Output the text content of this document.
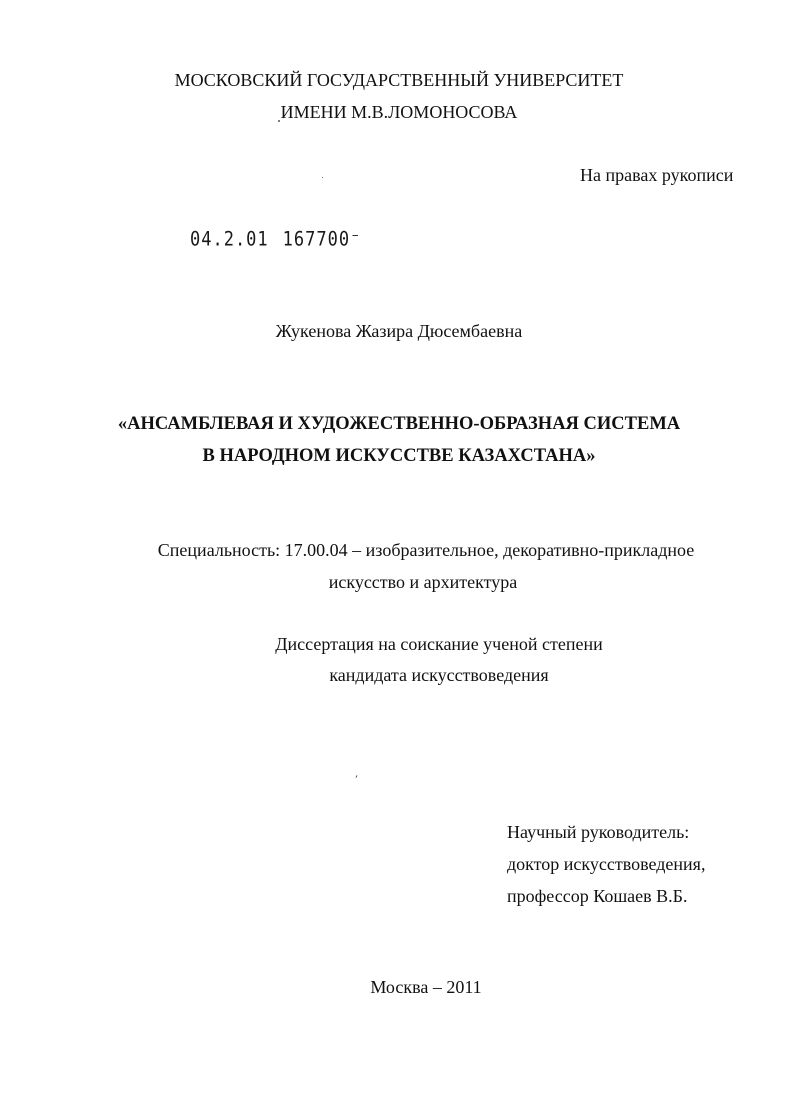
МОСКОВСКИЙ ГОСУДАРСТВЕННЫЙ УНИВЕРСИТЕТ
ИМЕНИ М.В.ЛОМОНОСОВА
На правах рукописи
04.2.01 167700⁻
Жукенова Жазира Дюсембаевна
«АНСАМБЛЕВАЯ И ХУДОЖЕСТВЕННО-ОБРАЗНАЯ СИСТЕМА
В НАРОДНОМ ИСКУССТВЕ КАЗАХСТАНА»
Специальность: 17.00.04 – изобразительное, декоративно-прикладное
искусство и архитектура
Диссертация на соискание ученой степени
кандидата искусствоведения
Научный руководитель:
доктор искусствоведения,
профессор Кошаев В.Б.
Москва – 2011
